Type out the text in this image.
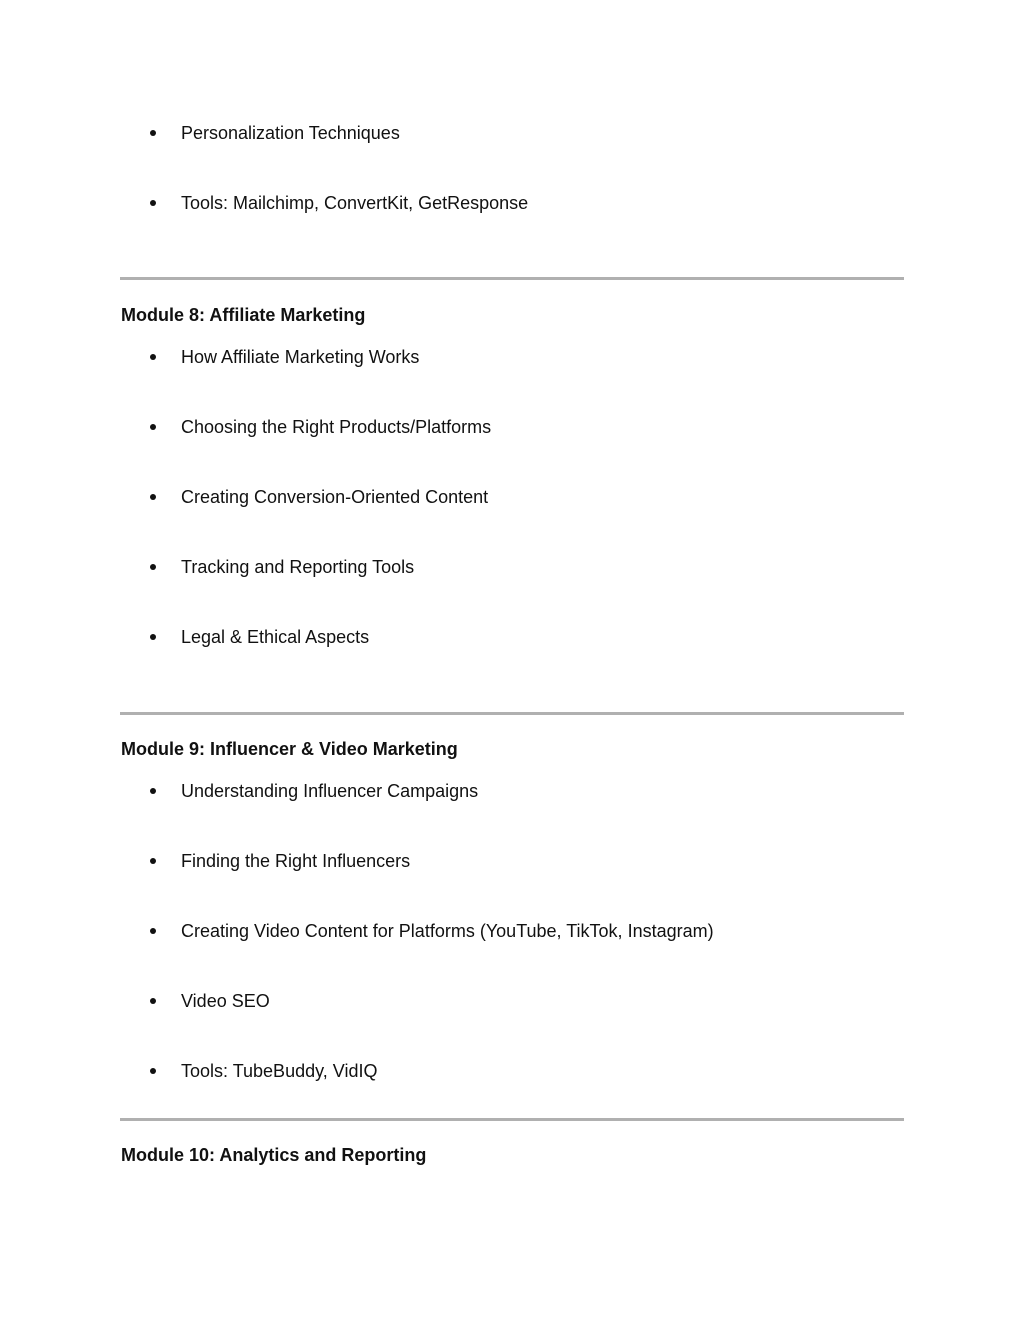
Personalization Techniques
Tools: Mailchimp, ConvertKit, GetResponse
Module 8: Affiliate Marketing
How Affiliate Marketing Works
Choosing the Right Products/Platforms
Creating Conversion-Oriented Content
Tracking and Reporting Tools
Legal & Ethical Aspects
Module 9: Influencer & Video Marketing
Understanding Influencer Campaigns
Finding the Right Influencers
Creating Video Content for Platforms (YouTube, TikTok, Instagram)
Video SEO
Tools: TubeBuddy, VidIQ
Module 10: Analytics and Reporting
